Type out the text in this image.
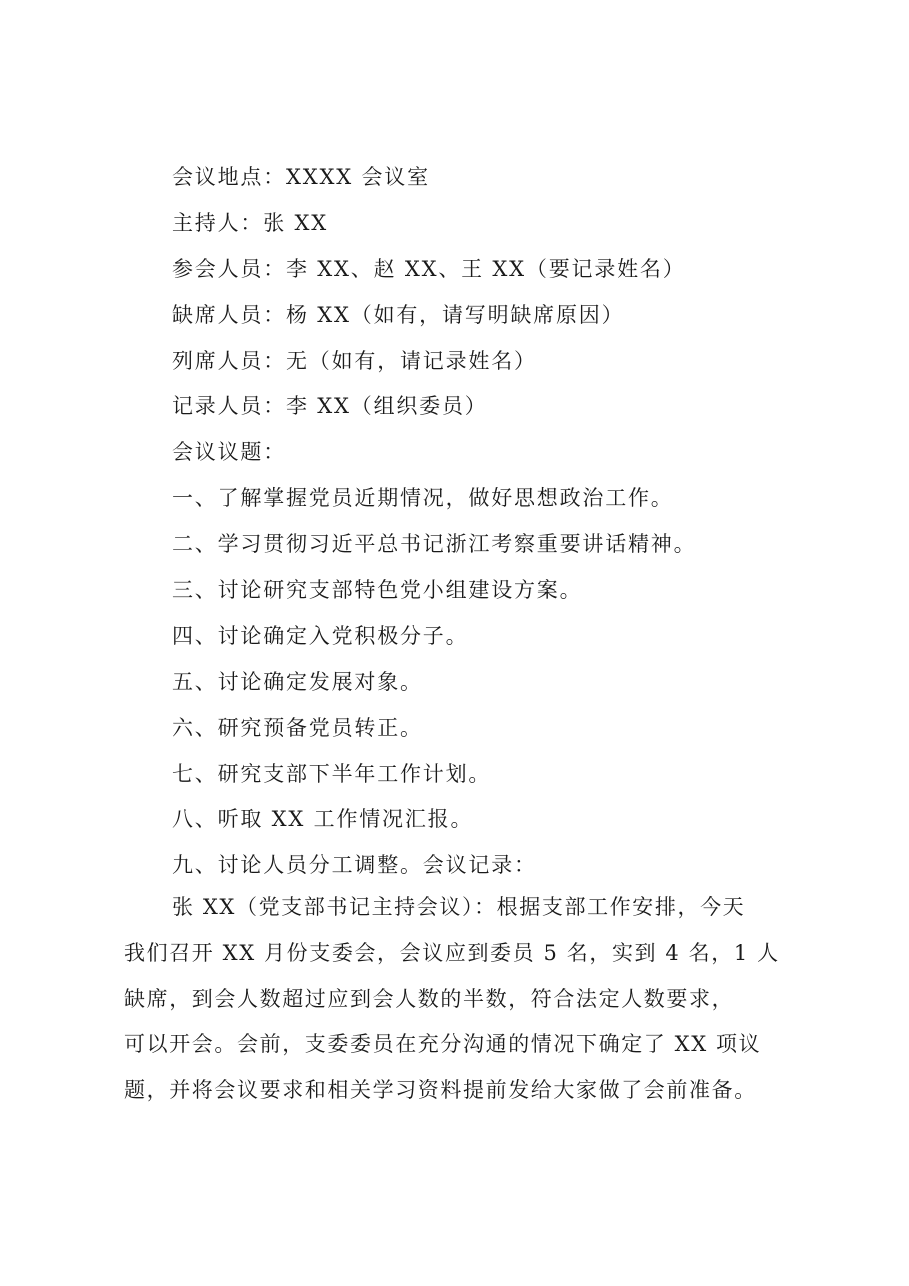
会议地点：XXXX 会议室
主持人：张 XX
参会人员：李 XX、赵 XX、王 XX（要记录姓名）
缺席人员：杨 XX（如有，请写明缺席原因）
列席人员：无（如有，请记录姓名）
记录人员：李 XX（组织委员）
会议议题：
一、了解掌握党员近期情况，做好思想政治工作。
二、学习贯彻习近平总书记浙江考察重要讲话精神。
三、讨论研究支部特色党小组建设方案。
四、讨论确定入党积极分子。
五、讨论确定发展对象。
六、研究预备党员转正。
七、研究支部下半年工作计划。
八、听取 XX 工作情况汇报。
九、讨论人员分工调整。会议记录：
张 XX（党支部书记主持会议）：根据支部工作安排，今天
我们召开 XX 月份支委会，会议应到委员 5 名，实到 4 名，1 人
缺席，到会人数超过应到会人数的半数，符合法定人数要求，
可以开会。会前，支委委员在充分沟通的情况下确定了 XX 项议
题，并将会议要求和相关学习资料提前发给大家做了会前准备。
